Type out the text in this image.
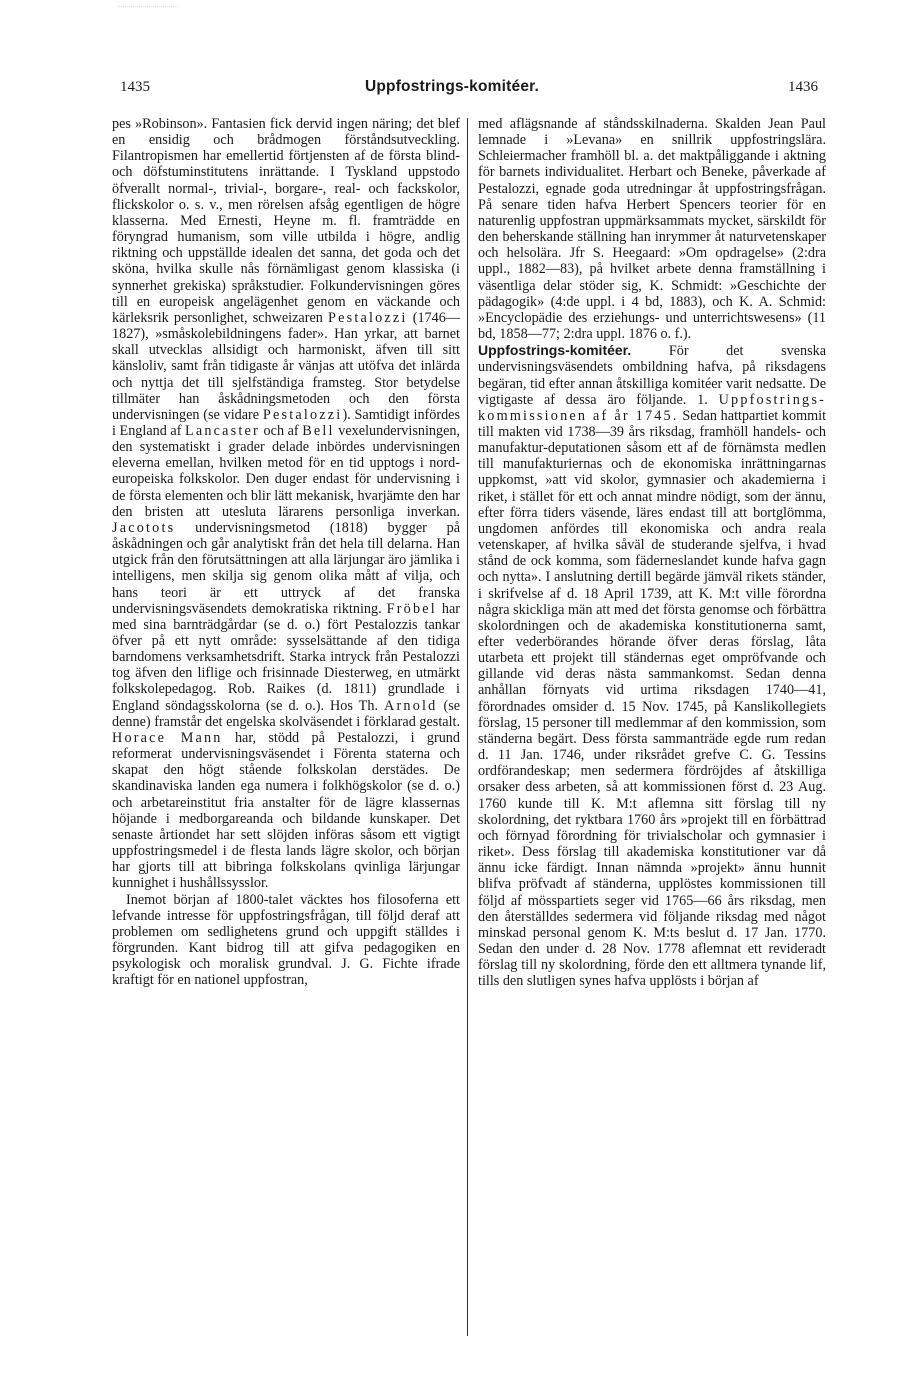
1435	Uppfostrings-komitéer.	1436

pes »Robinson». Fantasien fick dervid ingen näring; det blef en ensidig och brådmogen förståndsutveckling. Filantropismen har emellertid förtjensten af de första blind- och döfstuminstitutens inrättande. I Tyskland uppstodo öfverallt normal-, trivial-, borgare-, real- och fackskolor, flickskolor o. s. v., men rörelsen afsåg egentligen de högre klasserna. Med Ernesti, Heyne m. fl. framträdde en föryngrad humanism, som ville utbilda i högre, andlig riktning och uppställde idealen det sanna, det goda och det sköna, hvilka skulle nås förnämligast genom klassiska (i synnerhet grekiska) språkstudier. Folkundervisningen göres till en europeisk angelägenhet genom en väckande och kärleksrik personlighet, schweizaren Pestalozzi (1746—1827), »småskolebildningens fader». Han yrkar, att barnet skall utvecklas allsidigt och harmoniskt, äfven till sitt känsloliv, samt från tidigaste år vänjas att utöfva det inlärda och nyttja det till sjelfständiga framsteg. Stor betydelse tillmäter han åskådningsmetoden och den första undervisningen (se vidare Pestalozzi). Samtidigt infördes i England af Lancaster och af Bell vexelundervisningen, den systematiskt i grader delade inbördes undervisningen eleverna emellan, hvilken metod för en tid upptogs i nord-europeiska folkskolor. Den duger endast för undervisning i de första elementen och blir lätt mekanisk, hvarjämte den har den bristen att utesluta lärarens personliga inverkan. Jacotots undervisningsmetod (1818) bygger på åskådningen och går analytiskt från det hela till delarna. Han utgick från den förutsättningen att alla lärjungar äro jämlika i intelligens, men skilja sig genom olika mått af vilja, och hans teori är ett uttryck af det franska undervisningsväsendets demokratiska riktning. Fröbel har med sina barnträdgårdar (se d. o.) fört Pestalozzis tankar öfver på ett nytt område: sysselsättande af den tidiga barndomens verksamhetsdrift. Starka intryck från Pestalozzi tog äfven den liflige och frisinnade Diesterweg, en utmärkt folkskolepedagog. Rob. Raikes (d. 1811) grundlade i England söndagsskolorna (se d. o.). Hos Th. Arnold (se denne) framstår det engelska skolväsendet i förklarad gestalt. Horace Mann har, stödd på Pestalozzi, i grund reformerat undervisningsväsendet i Förenta staterna och skapat den högt stående folkskolan derstädes. De skandinaviska landen ega numera i folkhögskolor (se d. o.) och arbetareinstitut fria anstalter för de lägre klassernas höjande i medborgareanda och bildande kunskaper. Det senaste årtiondet har sett slöjden införas såsom ett vigtigt uppfostringsmedel i de flesta lands lägre skolor, och början har gjorts till att bibringa folkskolans qvinliga lärjungar kunnighet i hushållssysslor.

Inemot början af 1800-talet väcktes hos filosoferna ett lefvande intresse för uppfostringsfrågan, till följd deraf att problemen om sedlighetens grund och uppgift ställdes i förgrunden. Kant bidrog till att gifva pedagogiken en psykologisk och moralisk grundval. J. G. Fichte ifrade kraftigt för en nationel uppfostran,

med aflägsnande af ståndsskilnaderna. Skalden Jean Paul lemnade i »Levana» en snillrik uppfostringslära. Schleiermacher framhöll bl. a. det maktpåliggande i aktning för barnets individualitet. Herbart och Beneke, påverkade af Pestalozzi, egnade goda utredningar åt uppfostringsfrågan. På senare tiden hafva Herbert Spencers teorier för en naturenlig uppfostran uppmärksammats mycket, särskildt för den beherskande ställning han inrymmer åt naturvetenskaper och helsolära. Jfr S. Heegaard: »Om opdragelse» (2:dra uppl., 1882—83), på hvilket arbete denna framställning i väsentliga delar stöder sig, K. Schmidt: »Geschichte der pädagogik» (4:de uppl. i 4 bd, 1883), och K. A. Schmid: »Encyclopädie des erziehungs- und unterrichtswesens» (11 bd, 1858—77; 2:dra uppl. 1876 o. f.).

Uppfostrings-komitéer.	För det svenska undervisningsväsendets ombildning hafva, på riksdagens begäran, tid efter annan åtskilliga komitéer varit nedsatte. De vigtigaste af dessa äro följande. 1. Uppfostrings-kommissionen af år 1745. Sedan hattpartiet kommit till makten vid 1738—39 års riksdag, framhöll handels- och manufaktur-deputationen såsom ett af de förnämsta medlen till manufakturiernas och de ekonomiska inrättningarnas uppkomst, »att vid skolor, gymnasier och akademierna i riket, i stället för ett och annat mindre nödigt, som der ännu, efter förra tiders väsende, läres endast till att bortglömma, ungdomen anfördes till ekonomiska och andra reala vetenskaper, af hvilka såväl de studerande sjelfva, i hvad stånd de ock komma, som fäderneslandet kunde hafva gagn och nytta». I anslutning dertill begärde jämväl rikets ständer, i skrifvelse af d. 18 April 1739, att K. M:t ville förordna några skickliga män att med det första genomse och förbättra skolordningen och de akademiska konstitutionerna samt, efter vederbörandes hörande öfver deras förslag, låta utarbeta ett projekt till ständernas eget ompröfvande och gillande vid deras nästa sammankomst. Sedan denna anhållan förnyats vid urtima riksdagen 1740—41, förordnades omsider d. 15 Nov. 1745, på Kanslikollegiets förslag, 15 personer till medlemmar af den kommission, som ständerna begärt. Dess första sammanträde egde rum redan d. 11 Jan. 1746, under riksrådet grefve C. G. Tessins ordförandeskap; men sedermera fördröjdes af åtskilliga orsaker dess arbeten, så att kommissionen först d. 23 Aug. 1760 kunde till K. M:t aflemna sitt förslag till ny skolordning, det ryktbara 1760 års »projekt till en förbättrad och förnyad förordning för trivialscholar och gymnasier i riket». Dess förslag till akademiska konstitutioner var då ännu icke färdigt. Innan nämnda »projekt» ännu hunnit blifva pröfvadt af ständerna, upplöstes kommissionen till följd af mösspartiets seger vid 1765—66 års riksdag, men den återställdes sedermera vid följande riksdag med något minskad personal genom K. M:ts beslut d. 17 Jan. 1770. Sedan den under d. 28 Nov. 1778 aflemnat ett revideradt förslag till ny skolordning, förde den ett alltmera tynande lif, tills den slutligen synes hafva upplösts i början af
